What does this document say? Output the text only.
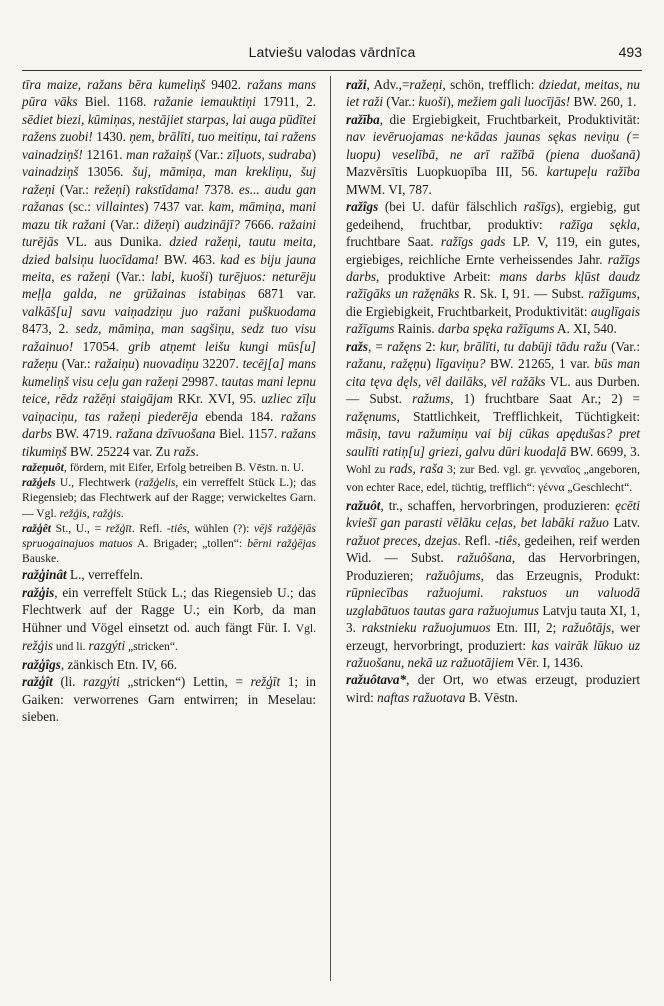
Latviešu valodas vārdnīca	493

tīra maize, ražans bēra kumeliņš 9402. ražans mans pūra vāks Biel. 1168. ražanie iemauktiņi 17911, 2. sēdiet biezi, kūmiņas, nestājiet starpas, lai auga pūdītei ražens zuobi! 1430. ņem, brālīti, tuo meitiņu, tai ražens vainadziņš! 12161. man ražaiņš (Var.: zīļuots, sudraba) vainadziņš 13056. šuj, māmiņa, man krekliņu, šuj ražeņi (Var.: režeņi) rakstīdama! 7378. es... audu gan ražanas (sc.: villaintes) 7437 var. kam, māmiņa, mani mazu tik ražani (Var.: dižeņi) audzinājī? 7666. ražaini turējās VL. aus Dunika. dzied ražeņi, tautu meita, dzied balsiņu luocīdama! BW. 463. kad es biju jauna meita, es ražeņi (Var.: labi, kuoši) turējuos: neturēju meļļa galda, ne grūžainas istabiņas 6871 var. valkāš[u] savu vaiņadziņu juo ražani puškuodama 8473, 2. sedz, māmiņa, man sagšiņu, sedz tuo visu ražainuo! 17054. grib atņemt leišu kungi mūs[u] ražeņu (Var.: ražaiņu) nuovadiņu 32207. tecēj[a] mans kumeliņš visu ceļu gan ražeņi 29987. tautas mani lepnu teice, rēdz ražēņi staigājam RKr. XVI, 95. uzliec zīļu vaiņaciņu, tas ražeņi piederēja ebenda 184. ražans darbs BW. 4719. ražana dzīvuošana Biel. 1157. ražans tikumiņš BW. 25224 var. Zu ražs.

ražeņuôt, fördern, mit Eifer, Erfolg betreiben B. Vēstn. n. U.

ražģels U., Flechtwerk (ražģelis, ein verreffelt Stück L.); das Riegensieb; das Flechtwerk auf der Ragge; verwickeltes Garn. — Vgl. režģis, ražģis.

ražģêt St., U., = režģīt. Refl. -tiês, wühlen (?): vējš ražģējās spruogainajuos matuos A. Brigader; „tollen“: bērni ražģējas Bauske.

ražģinât L., verreffeln.

ražģis, ein verreffelt Stück L.; das Riegensieb U.; das Flechtwerk auf der Ragge U.; ein Korb, da man Hühner und Vögel einsetzt od. auch fängt Für. I. Vgl. režģis und li. razgýti „stricken“.

ražģîgs, zänkisch Etn. IV, 66.

ražģît (li. razgýti „stricken“) Lettin, = režģīt 1; in Gaiken: verworrenes Garn entwirren; in Meselau: sieben.

raži, Adv.,=ražeņi, schön, trefflich: dziedat, meitas, nu iet raži (Var.: kuoši), mežiem gali luocījās! BW. 260, 1.

ražība, die Ergiebigkeit, Fruchtbarkeit, Produktivität: nav ievēruojamas ne·kādas jaunas sękas neviņu (= luopu) veselībā, ne arī ražībā (piena duošanā) Mazvērsītis Luopkuopība III, 56. kartupeļu ražība MWM. VI, 787.

ražîgs (bei U. dafür fälschlich rašīgs), ergiebig, gut gedeihend, fruchtbar, produktiv: ražīga sękla, fruchtbare Saat. ražīgs gads LP. V, 119, ein gutes, ergiebiges, reichliche Ernte verheissendes Jahr. ražīgs darbs, produktive Arbeit: mans darbs kļūst daudz ražīgāks un ražęnāks R. Sk. I, 91. — Subst. ražīgums, die Ergiebigkeit, Fruchtbarkeit, Produktivität: auglīgais ražīgums Rainis. darba spęka ražīgums A. XI, 540.

ražs, = ražęns 2: kur, brālīti, tu dabūji tādu ražu (Var.: ražanu, ražęņu) līgaviņu? BW. 21265, 1 var. būs man cita tęva dęls, vēl dailāks, vēl ražāks VL. aus Durben. — Subst. ražums, 1) fruchtbare Saat Ar.; 2) = ražęnums, Stattlichkeit, Trefflichkeit, Tüchtigkeit: māsiņ, tavu ražumiņu vai bij cūkas apędušas? pret saulīti ratiņ[u] griezi, galvu dūri kuodaļā BW. 6699, 3. Wohl zu rads, raša 3; zur Bed. vgl. gr. γενναῖος „angeboren, von echter Race, edel, tüchtig, trefflich“: γέννα „Geschlecht“.

ražuôt, tr., schaffen, hervorbringen, produzieren: ęcēti kviešī gan parasti vēlāku ceļas, bet labāki ražuo Latv. ražuot preces, dzejas. Refl. -tiês, gedeihen, reif werden Wid. — Subst. ražuôšana, das Hervorbringen, Produzieren; ražuôjums, das Erzeugnis, Produkt: rūpniecības ražuojumi. rakstuos un valuodā uzglabātuos tautas gara ražuojumus Latvju tauta XI, 1, 3. rakstnieku ražuojumuos Etn. III, 2; ražuôtājs, wer erzeugt, hervorbringt, produziert: kas vairāk lūkuo uz ražuošanu, nekā uz ražuotājiem Vēr. I, 1436.

ražuôtava*, der Ort, wo etwas erzeugt, produziert wird: naftas ražuotava B. Vēstn.
